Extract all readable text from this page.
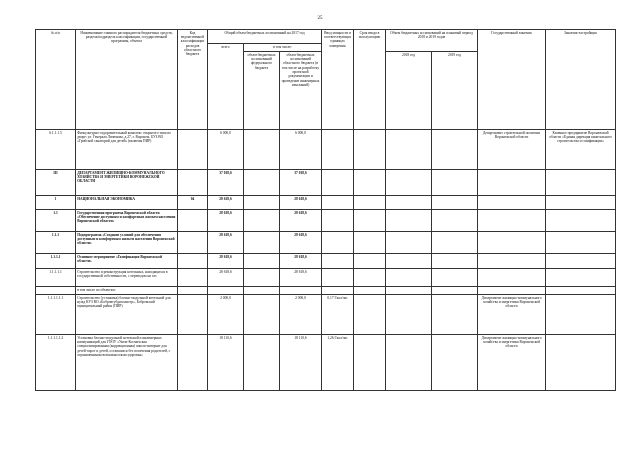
25
№ п/п	Наименование главного распорядителя бюджетных средств, раздела/подраздела классификации, государственной программы, объекта	Код ведомственной классификации расходов областного бюджета	Общий объем бюджетных ассигнований на 2017 год			Ввод мощности в соответствующих единицах измерения	Срок ввода в эксплуатацию	Объем бюджетных ассигнований на плановый период 2018 и 2019 годов		Государственный заказчик	Заказчик-застройщик
			всего	в том числе:							
				объем бюджетных ассигнований федерального бюджета	объем бюджетных ассигнований областного бюджета (в том числе на разработку проектной документации и проведение инженерных изысканий)			2018 год	2019 год		

6.1.1.1.5	Физкультурно-оздоровительный комплекс открытого типа во дворе: ул. Генерала Лизюкова, д.27, г. Воронеж, БУЗ ВО «Грибской санаторий для детей» (включая ПИР)		6 000,0		6 000,0					Департамент строительной политики Воронежской области	Казенное предприятие Воронежской области «Единая дирекция капитального строительства и газификации»
III	ДЕПАРТАМЕНТ ЖИЛИЩНО-КОММУНАЛЬНОГО ХОЗЯЙСТВА И ЭНЕРГЕТИКИ ВОРОНЕЖСКОЙ ОБЛАСТИ		37 018,6		37 018,6						
1	НАЦИОНАЛЬНАЯ ЭКОНОМИКА	04	28 618,6		28 618,6						
1.1	Государственная программа Воронежской области «Обеспечение доступным и комфортным жильем населения Воронежской области»		28 618,6		28 618,6						
1.1.1	Подпрограмма «Создание условий для обеспечения доступным и комфортным жильем населения Воронежской области»		28 618,6		28 618,6						
1.1.1.1	Основное мероприятие «Газификация Воронежской области»		28 618,6		28 618,6						
1.1.1.1.1	Строительство и реконструкция котельных, находящихся в государственной собственности, с переводом на газ		28 618,6		28 618,6						
	в том числе по объектам:										
1.1.1.1.1.1	Строительство (установка) блочно-модульной котельной для нужд КУЗ ВО «Бобровтубдиспансер», Бобровский муниципальный район (ПИР)		2 000,0		2 000,0	0,17 Гкал/час				Департамент жилищно-коммунального хозяйства и энергетики Воронежской области	
1.1.1.1.1.2	Установка блочно-модульной котельной и инженерных коммуникаций для ГООУ «Унеж-Космичская специализированная (коррекционная) школа-интернат для детей-сирот и детей, оставшихся без попечения родителей, с ограниченными возможностями здоровья»		18 110,6		18 110,6	1,26 Гкал/час				Департамент жилищно-коммунального хозяйства и энергетики Воронежской области	
